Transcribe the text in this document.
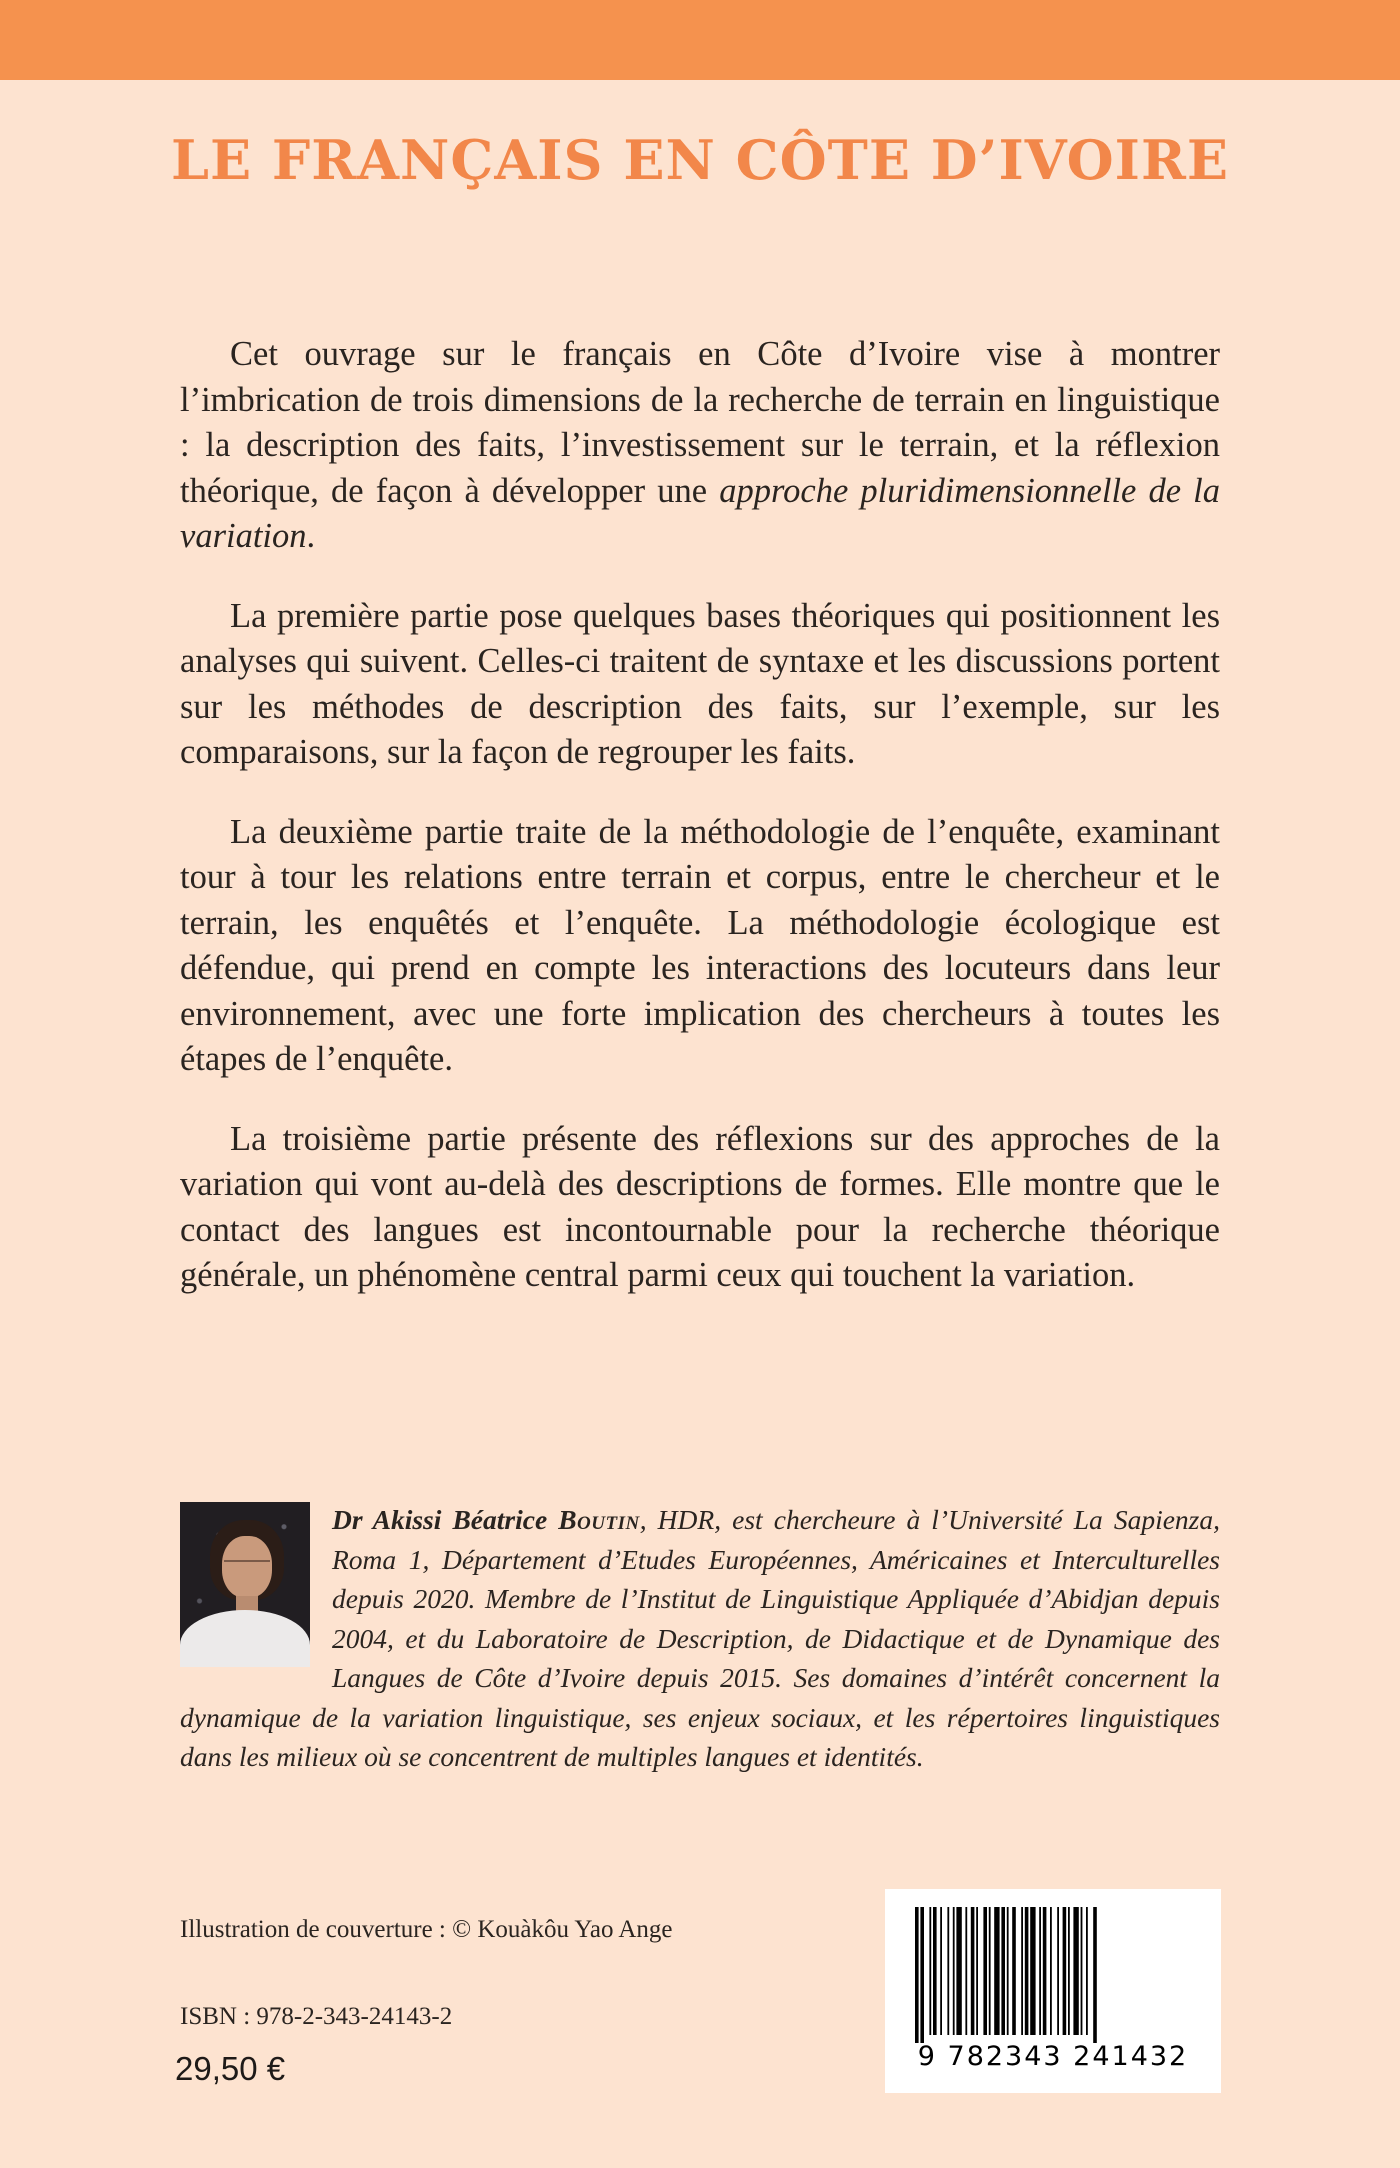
LE FRANÇAIS EN CÔTE D’IVOIRE

Cet ouvrage sur le français en Côte d’Ivoire vise à montrer l’imbrication de trois dimensions de la recherche de terrain en linguistique : la description des faits, l’investissement sur le terrain, et la réflexion théorique, de façon à développer une approche pluridimensionnelle de la variation.

La première partie pose quelques bases théoriques qui positionnent les analyses qui suivent. Celles-ci traitent de syntaxe et les discussions portent sur les méthodes de description des faits, sur l’exemple, sur les comparaisons, sur la façon de regrouper les faits.

La deuxième partie traite de la méthodologie de l’enquête, examinant tour à tour les relations entre terrain et corpus, entre le chercheur et le terrain, les enquêtés et l’enquête. La méthodologie écologique est défendue, qui prend en compte les interactions des locuteurs dans leur environnement, avec une forte implication des chercheurs à toutes les étapes de l’enquête.

La troisième partie présente des réflexions sur des approches de la variation qui vont au-delà des descriptions de formes. Elle montre que le contact des langues est incontournable pour la recherche théorique générale, un phénomène central parmi ceux qui touchent la variation.

Dr Akissi Béatrice Boutin, HDR, est chercheure à l’Université La Sapienza, Roma 1, Département d’Etudes Européennes, Américaines et Interculturelles depuis 2020. Membre de l’Institut de Linguistique Appliquée d’Abidjan depuis 2004, et du Laboratoire de Description, de Didactique et de Dynamique des Langues de Côte d’Ivoire depuis 2015. Ses domaines d’intérêt concernent la dynamique de la variation linguistique, ses enjeux sociaux, et les répertoires linguistiques dans les milieux où se concentrent de multiples langues et identités.
Illustration de couverture : © Kouàkôu Yao Ange
ISBN : 978-2-343-24143-2
29,50 €	9 782343 241432
